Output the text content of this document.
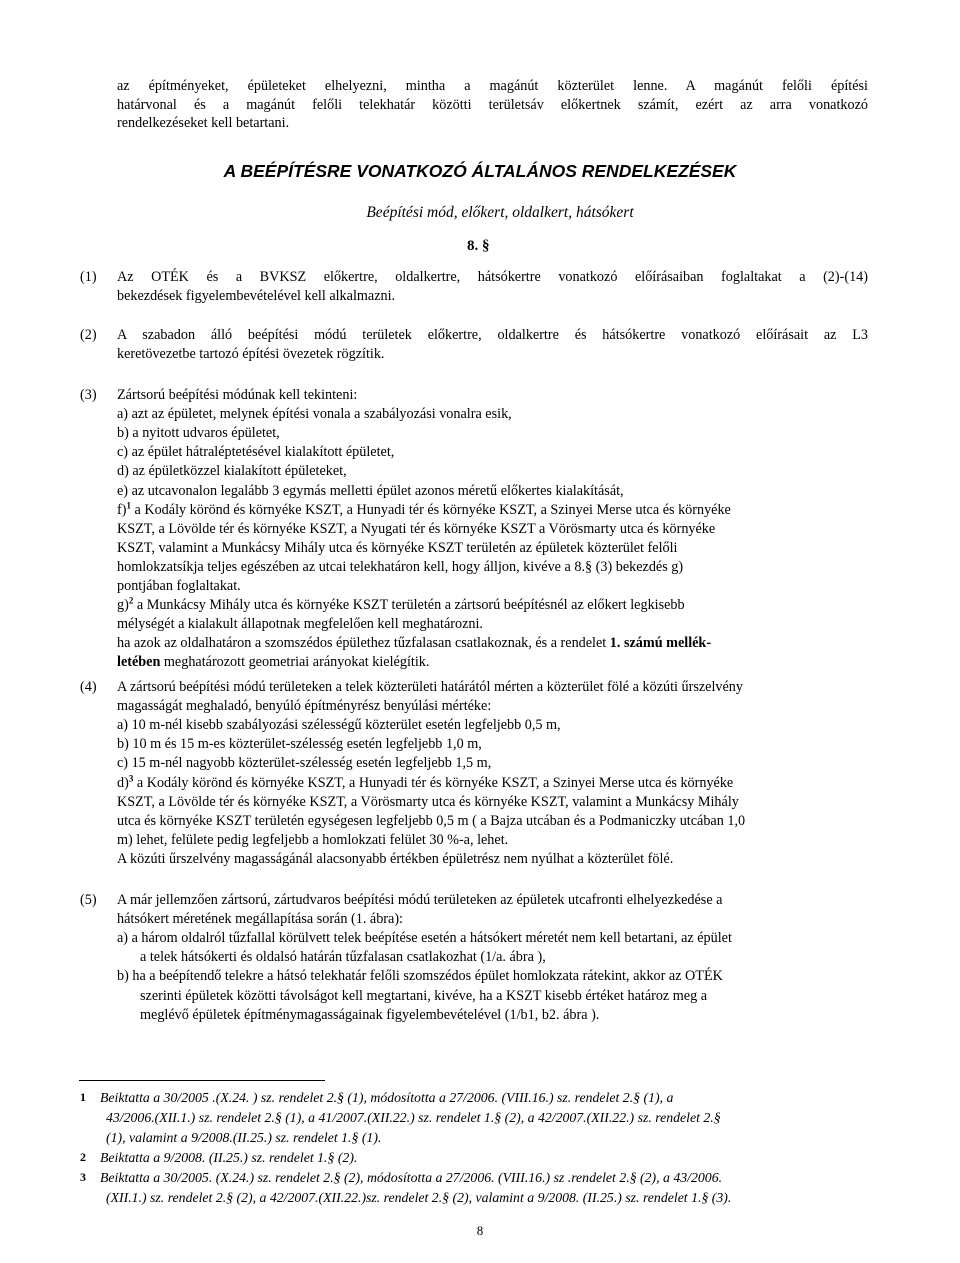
az építményeket, épületeket elhelyezni, mintha a magánút közterület lenne. A magánút felőli építési
határvonal és a magánút felőli telekhatár közötti területsáv előkertnek számít, ezért az arra vonatkozó
rendelkezéseket kell betartani.
A BEÉPÍTÉSRE VONATKOZÓ ÁLTALÁNOS RENDELKEZÉSEK
Beépítési mód, előkert, oldalkert, hátsókert
8. §
(1) Az OTÉK és a BVKSZ előkertre, oldalkertre, hátsókertre vonatkozó előírásaiban foglaltakat a (2)-(14)
bekezdések figyelembevételével kell alkalmazni.
(2) A szabadon álló beépítési módú területek előkertre, oldalkertre és hátsókertre vonatkozó előírásait az L3
keretövezetbe tartozó építési övezetek rögzítik.
(3) Zártsorú beépítési módúnak kell tekinteni:
a) azt az épületet, melynek építési vonala a szabályozási vonalra esik,
b) a nyitott udvaros épületet,
c) az épület hátraléptetésével kialakított épületet,
d) az épületközzel kialakított épületeket,
e) az utcavonalon legalább 3 egymás melletti épület azonos méretű előkertes kialakítását,
f)$^1$ a Kodály körönd és környéke KSZT, a Hunyadi tér és környéke KSZT, a Szinyei Merse utca és környéke
KSZT, a Lövölde tér és környéke KSZT, a Nyugati tér és környéke KSZT a Vörösmarty utca és környéke
KSZT, valamint a Munkácsy Mihály utca és környéke KSZT területén az épületek közterület felőli
homlokzatsíkja teljes egészében az utcai telekhatáron kell, hogy álljon, kivéve a 8.§ (3) bekezdés g)
pontjában foglaltakat.
g)$^2$ a Munkácsy Mihály utca és környéke KSZT területén a zártsorú beépítésnél az előkert legkisebb
mélységét a kialakult állapotnak megfelelően kell meghatározni.
ha azok az oldalhatáron a szomszédos épülethez tűzfalasan csatlakoznak, és a rendelet 1. számú mellék-
letében meghatározott geometriai arányokat kielégítik.
(4) A zártsorú beépítési módú területeken a telek közterületi határától mérten a közterület fölé a közúti űrszelvény
magasságát meghaladó, benyúló építményrész benyúlási mértéke:
a) 10 m-nél kisebb szabályozási szélességű közterület esetén legfeljebb 0,5 m,
b) 10 m és 15 m-es közterület-szélesség esetén legfeljebb 1,0 m,
c) 15 m-nél nagyobb közterület-szélesség esetén legfeljebb 1,5 m,
d)$^3$ a Kodály körönd és környéke KSZT, a Hunyadi tér és környéke KSZT, a Szinyei Merse utca és környéke
KSZT, a Lövölde tér és környéke KSZT, a Vörösmarty utca és környéke KSZT, valamint a Munkácsy Mihály
utca és környéke KSZT területén egységesen legfeljebb 0,5 m ( a Bajza utcában és a Podmaniczky utcában 1,0
m) lehet, felülete pedig legfeljebb a homlokzati felület 30 %-a, lehet.
A közúti űrszelvény magasságánál alacsonyabb értékben épületrész nem nyúlhat a közterület fölé.
(5) A már jellemzően zártsorú, zártudvaros beépítési módú területeken az épületek utcafronti elhelyezkedése a
hátsókert méretének megállapítása során (1. ábra):
a) a három oldalról tűzfallal körülvett telek beépítése esetén a hátsókert méretét nem kell betartani, az épület
a telek hátsókerti és oldalsó határán tűzfalasan csatlakozhat (1/a. ábra ),
b) ha a beépítendő telekre a hátsó telekhatár felőli szomszédos épület homlokzata rátekint, akkor az OTÉK
szerinti épületek közötti távolságot kell megtartani, kivéve, ha a KSZT kisebb értéket határoz meg a
meglévő épületek építménymagasságainak figyelembevételével (1/b1, b2. ábra ).
1 Beiktatta a 30/2005 .(X.24. ) sz. rendelet 2.§ (1), módosította a 27/2006. (VIII.16.) sz. rendelet 2.§ (1), a
43/2006.(XII.1.) sz. rendelet 2.§ (1), a 41/2007.(XII.22.) sz. rendelet 1.§ (2), a 42/2007.(XII.22.) sz. rendelet 2.§
(1), valamint a 9/2008.(II.25.) sz. rendelet 1.§ (1).
2 Beiktatta a 9/2008. (II.25.) sz. rendelet 1.§ (2).
3 Beiktatta a 30/2005. (X.24.) sz. rendelet 2.§ (2), módosította a 27/2006. (VIII.16.) sz .rendelet 2.§ (2), a 43/2006.
(XII.1.) sz. rendelet 2.§ (2), a 42/2007.(XII.22.)sz. rendelet 2.§ (2), valamint a 9/2008. (II.25.) sz. rendelet 1.§ (3).
8
